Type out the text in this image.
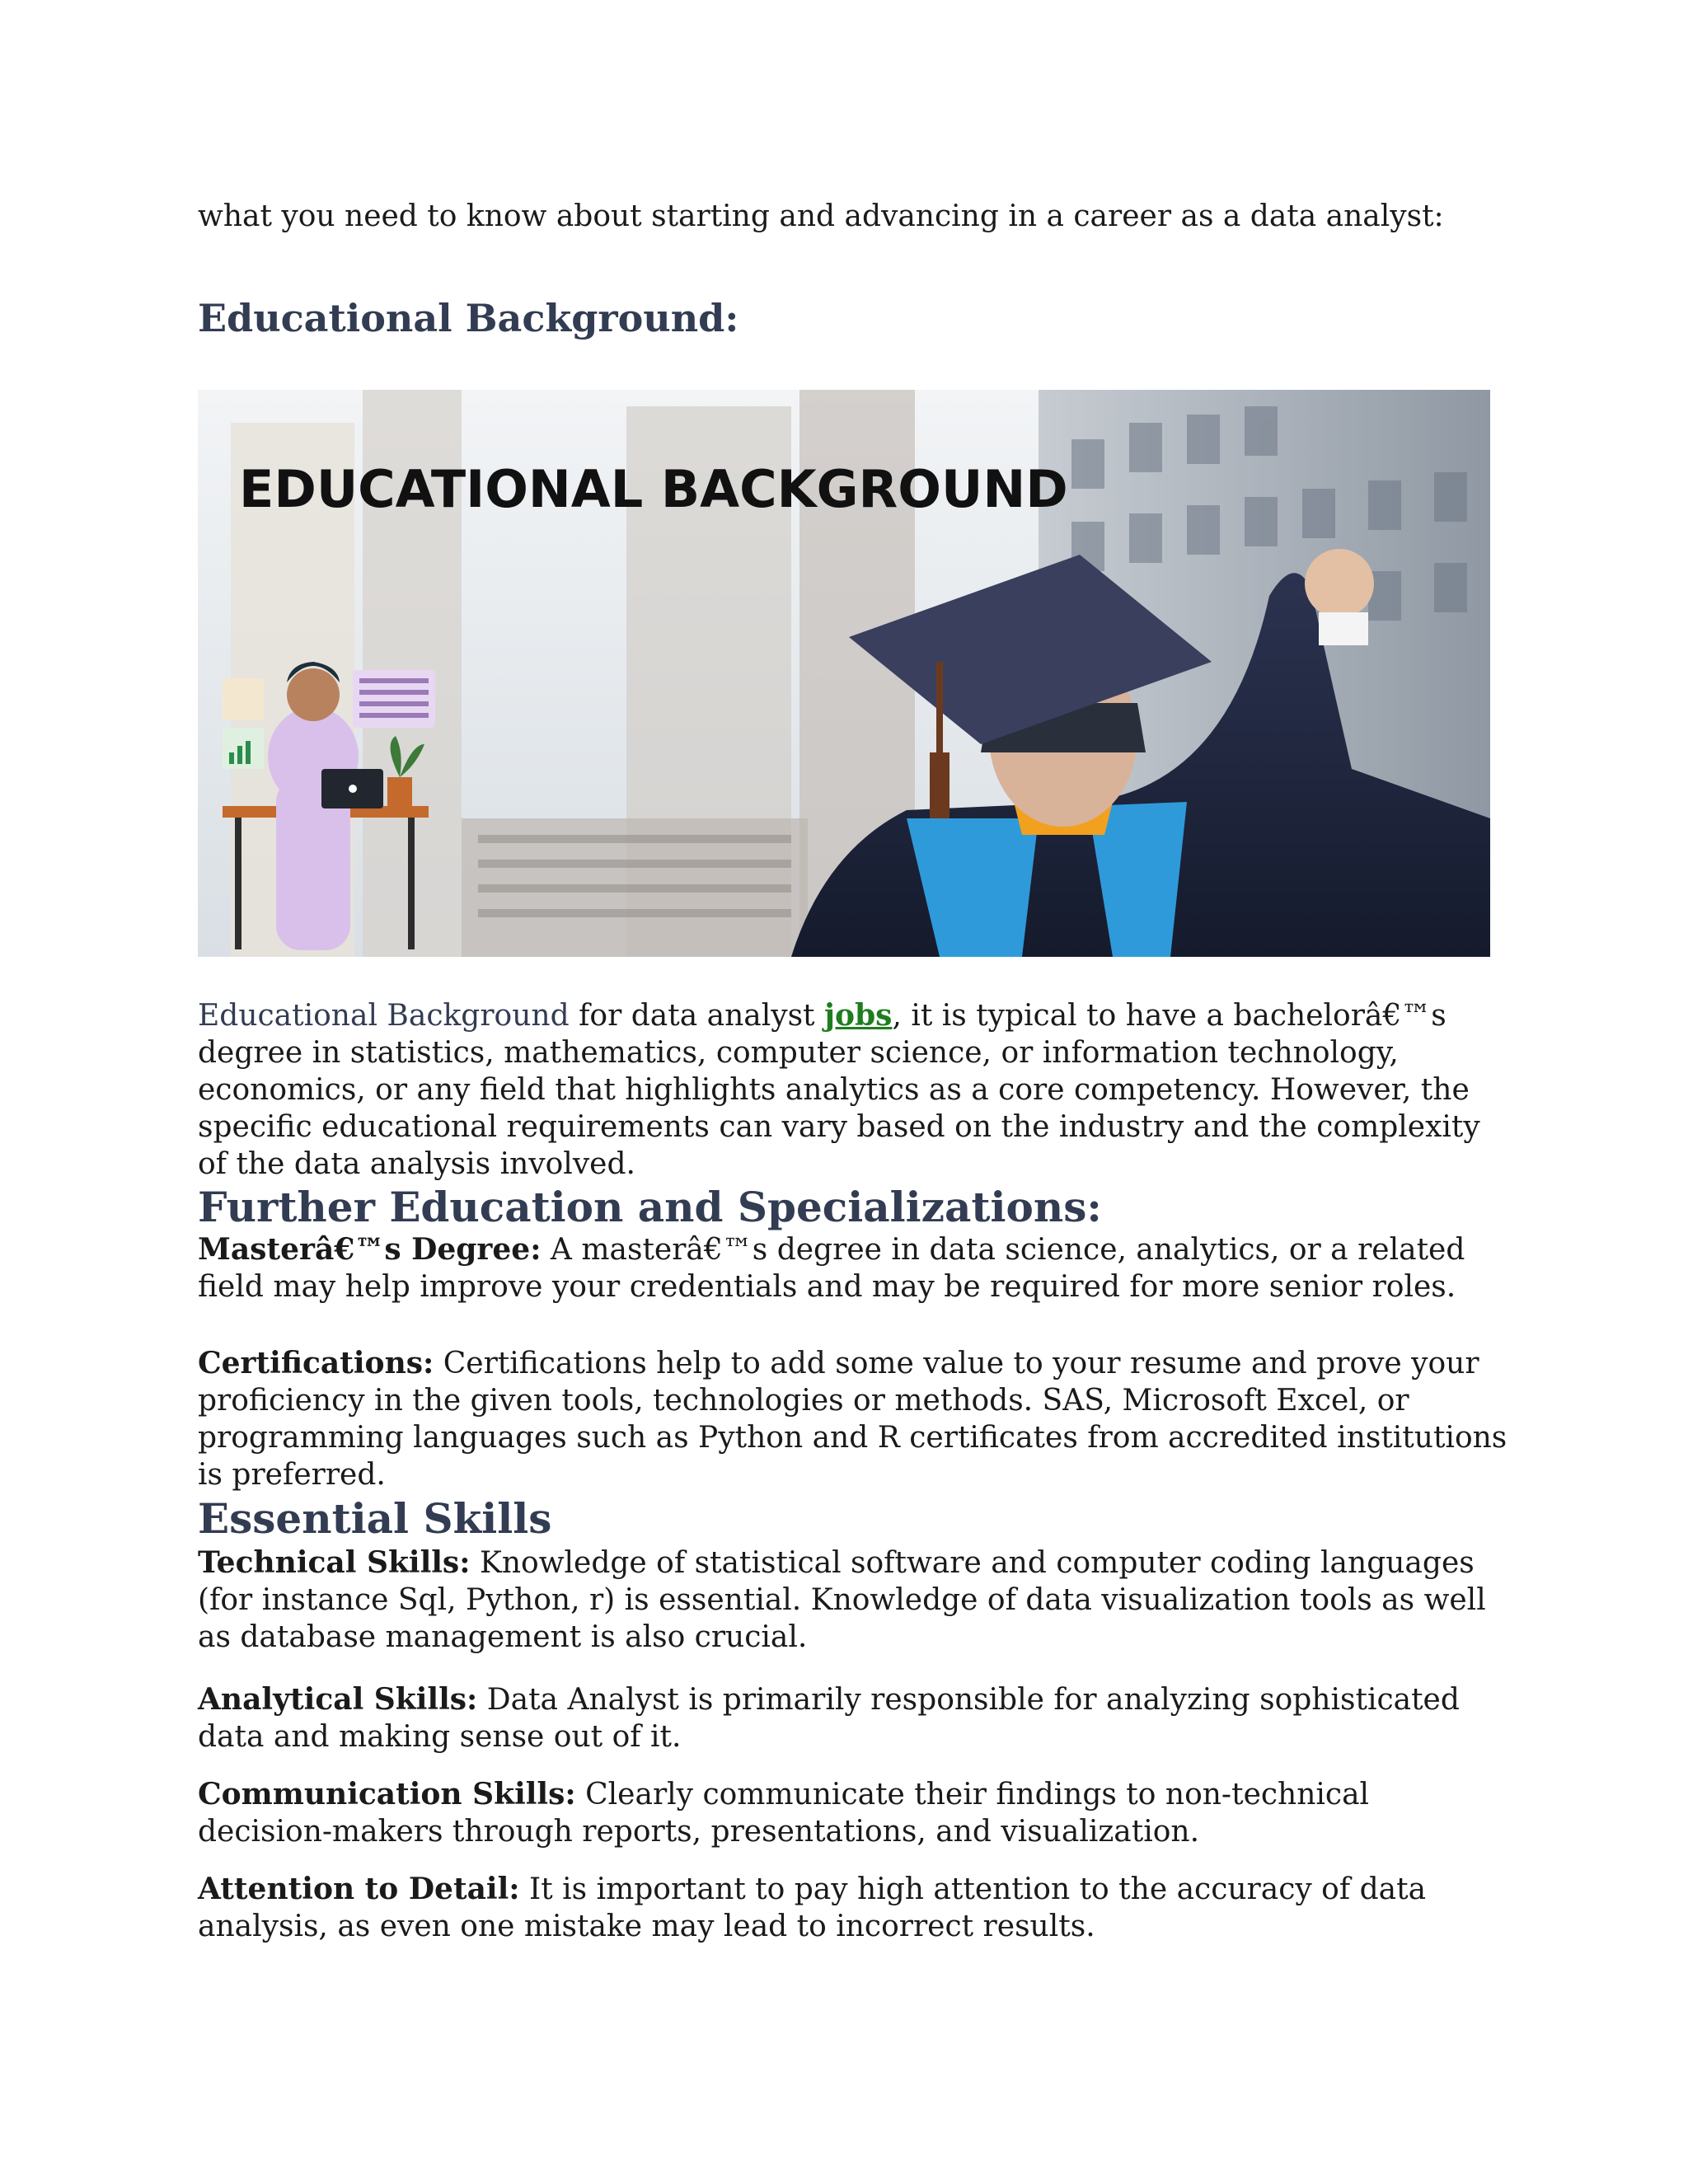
what you need to know about starting and advancing in a career as a data analyst:

Educational Background:
EDUCATIONAL BACKGROUND

Educational Background for data analyst jobs, it is typical to have a bachelorâ€™s degree in statistics, mathematics, computer science, or information technology, economics, or any field that highlights analytics as a core competency. However, the specific educational requirements can vary based on the industry and the complexity of the data analysis involved.

Further Education and Specializations:

Masterâ€™s Degree: A masterâ€™s degree in data science, analytics, or a related field may help improve your credentials and may be required for more senior roles.

Certifications: Certifications help to add some value to your resume and prove your proficiency in the given tools, technologies or methods. SAS, Microsoft Excel, or programming languages such as Python and R certificates from accredited institutions is preferred.

Essential Skills

Technical Skills: Knowledge of statistical software and computer coding languages (for instance Sql, Python, r) is essential. Knowledge of data visualization tools as well as database management is also crucial.

Analytical Skills: Data Analyst is primarily responsible for analyzing sophisticated data and making sense out of it.

Communication Skills: Clearly communicate their findings to non-technical decision-makers through reports, presentations, and visualization.

Attention to Detail: It is important to pay high attention to the accuracy of data analysis, as even one mistake may lead to incorrect results.
